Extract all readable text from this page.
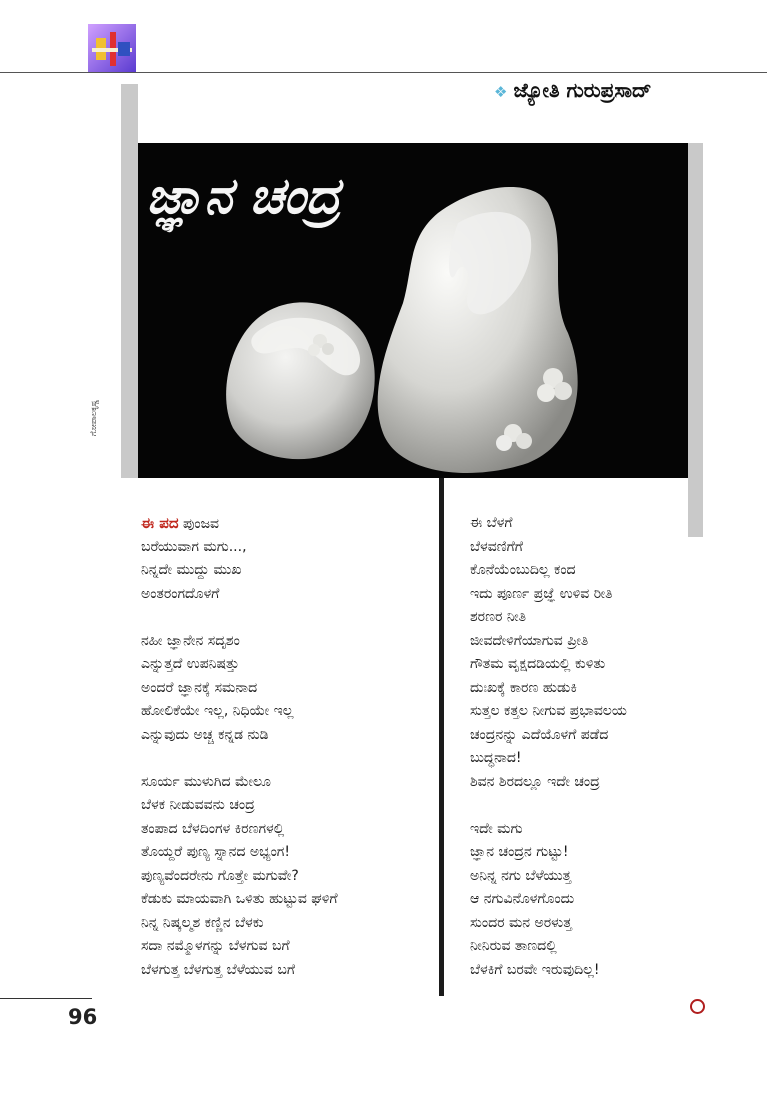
❖ ಜ್ಯೋತಿ ಗುರುಪ್ರಸಾದ್
ಜ್ಞಾನ ಚಂದ್ರ
ಗೋಪಾಲಕೃಷ್ಣ
ಈ ಪದ ಪುಂಜವ
ಬರೆಯುವಾಗ ಮಗು...,
ನಿನ್ನದೇ ಮುದ್ದು ಮುಖ
ಅಂತರಂಗದೊಳಗೆ
ನಹೀ ಜ್ಞಾನೇನ ಸದೃಶಂ
ಎನ್ನುತ್ತದೆ ಉಪನಿಷತ್ತು
ಅಂದರೆ ಜ್ಞಾನಕ್ಕೆ ಸಮನಾದ
ಹೋಲಿಕೆಯೇ ಇಲ್ಲ, ನಿಧಿಯೇ ಇಲ್ಲ
ಎನ್ನುವುದು ಅಚ್ಚ ಕನ್ನಡ ನುಡಿ
ಸೂರ್ಯ ಮುಳುಗಿದ ಮೇಲೂ
ಬೆಳಕ ನೀಡುವವನು ಚಂದ್ರ
ತಂಪಾದ ಬೆಳದಿಂಗಳ ಕಿರಣಗಳಲ್ಲಿ
ತೊಯ್ದರೆ ಪುಣ್ಯ ಸ್ನಾನದ ಅಭ್ಯಂಗ!
ಪುಣ್ಯವೆಂದರೇನು ಗೊತ್ತೇ ಮಗುವೇ?
ಕೆಡುಕು ಮಾಯವಾಗಿ ಒಳಿತು ಹುಟ್ಟುವ ಘಳಿಗೆ
ನಿನ್ನ ನಿಷ್ಕಲ್ಮಶ ಕಣ್ಣಿನ ಬೆಳಕು
ಸದಾ ನಮ್ಮೊಳಗನ್ನು ಬೆಳಗುವ ಬಗೆ
ಬೆಳಗುತ್ತ ಬೆಳಗುತ್ತ ಬೆಳೆಯುವ ಬಗೆ
ಈ ಬೆಳಗೆ
ಬೆಳವಣಿಗೆಗೆ
ಕೊನೆಯೆಂಬುದಿಲ್ಲ ಕಂದ
ಇದು ಪೂರ್ಣ ಪ್ರಜ್ಞೆ ಉಳಿವ ರೀತಿ
ಶರಣರ ನೀತಿ
ಜೀವದೇಳಿಗೆಯಾಗುವ ಪ್ರೀತಿ
ಗೌತಮ ವೃಕ್ಷದಡಿಯಲ್ಲಿ ಕುಳಿತು
ದುಃಖಕ್ಕೆ ಕಾರಣ ಹುಡುಕಿ
ಸುತ್ತಲ ಕತ್ತಲ ನೀಗುವ ಪ್ರಭಾವಲಯ
ಚಂದ್ರನನ್ನು ಎದೆಯೊಳಗೆ ಪಡೆದ
ಬುದ್ಧನಾದ!
ಶಿವನ ಶಿರದಲ್ಲೂ ಇದೇ ಚಂದ್ರ
ಇದೇ ಮಗು
ಜ್ಞಾನ ಚಂದ್ರನ ಗುಟ್ಟು!
ಅನಿನ್ನ ನಗು ಬೆಳೆಯುತ್ತ
ಆ ನಗುವಿನೊಳಗೊಂದು
ಸುಂದರ ಮನ ಅರಳುತ್ತ
ನೀನಿರುವ ತಾಣದಲ್ಲಿ
ಬೆಳಕಿಗೆ ಬರವೇ ಇರುವುದಿಲ್ಲ!
96
